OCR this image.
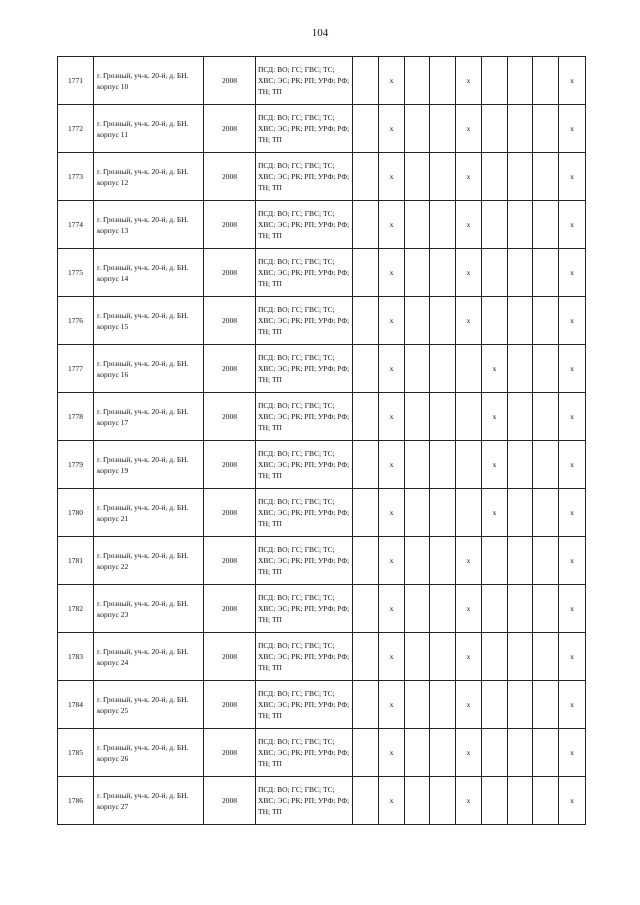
104
1771	г. Грозный, уч-к. 20-й, д. БН. корпус 10	2008	ПСД: ВО; ГС; ГВС; ТС; ХВС; ЭС; РК; РП; УРФ; РФ; ТН; ТП		х			х				х
1772	г. Грозный, уч-к. 20-й, д. БН. корпус 11	2008	ПСД: ВО; ГС; ГВС; ТС; ХВС; ЭС; РК; РП; УРФ; РФ; ТН; ТП		х			х				х
1773	г. Грозный, уч-к. 20-й, д. БН. корпус 12	2008	ПСД: ВО; ГС; ГВС; ТС; ХВС; ЭС; РК; РП; УРФ; РФ; ТН; ТП		х			х				х
1774	г. Грозный, уч-к. 20-й, д. БН. корпус 13	2008	ПСД: ВО; ГС; ГВС; ТС; ХВС; ЭС; РК; РП; УРФ; РФ; ТН; ТП		х			х				х
1775	г. Грозный, уч-к. 20-й, д. БН. корпус 14	2008	ПСД: ВО; ГС; ГВС; ТС; ХВС; ЭС; РК; РП; УРФ; РФ; ТН; ТП		х			х				х
1776	г. Грозный, уч-к. 20-й, д. БН. корпус 15	2008	ПСД: ВО; ГС; ГВС; ТС; ХВС; ЭС; РК; РП; УРФ; РФ; ТН; ТП		х			х				х
1777	г. Грозный, уч-к. 20-й, д. БН. корпус 16	2008	ПСД: ВО; ГС; ГВС; ТС; ХВС; ЭС; РК; РП; УРФ; РФ; ТН; ТП		х				х			х
1778	г. Грозный, уч-к. 20-й, д. БН. корпус 17	2008	ПСД: ВО; ГС; ГВС; ТС; ХВС; ЭС; РК; РП; УРФ; РФ; ТН; ТП		х				х			х
1779	г. Грозный, уч-к. 20-й, д. БН. корпус 19	2008	ПСД: ВО; ГС; ГВС; ТС; ХВС; ЭС; РК; РП; УРФ; РФ; ТН; ТП		х				х			х
1780	г. Грозный, уч-к. 20-й, д. БН. корпус 21	2008	ПСД: ВО; ГС; ГВС; ТС; ХВС; ЭС; РК; РП; УРФ; РФ; ТН; ТП		х				х			х
1781	г. Грозный, уч-к. 20-й, д. БН. корпус 22	2008	ПСД: ВО; ГС; ГВС; ТС; ХВС; ЭС; РК; РП; УРФ; РФ; ТН; ТП		х			х				х
1782	г. Грозный, уч-к. 20-й, д. БН. корпус 23	2008	ПСД: ВО; ГС; ГВС; ТС; ХВС; ЭС; РК; РП; УРФ; РФ; ТН; ТП		х			х				х
1783	г. Грозный, уч-к. 20-й, д. БН. корпус 24	2008	ПСД: ВО; ГС; ГВС; ТС; ХВС; ЭС; РК; РП; УРФ; РФ; ТН; ТП		х			х				х
1784	г. Грозный, уч-к. 20-й, д. БН. корпус 25	2008	ПСД: ВО; ГС; ГВС; ТС; ХВС; ЭС; РК; РП; УРФ; РФ; ТН; ТП		х			х				х
1785	г. Грозный, уч-к. 20-й, д. БН. корпус 26	2008	ПСД: ВО; ГС; ГВС; ТС; ХВС; ЭС; РК; РП; УРФ; РФ; ТН; ТП		х			х				х
1786	г. Грозный, уч-к. 20-й, д. БН. корпус 27	2008	ПСД: ВО; ГС; ГВС; ТС; ХВС; ЭС; РК; РП; УРФ; РФ; ТН; ТП		х			х				х
